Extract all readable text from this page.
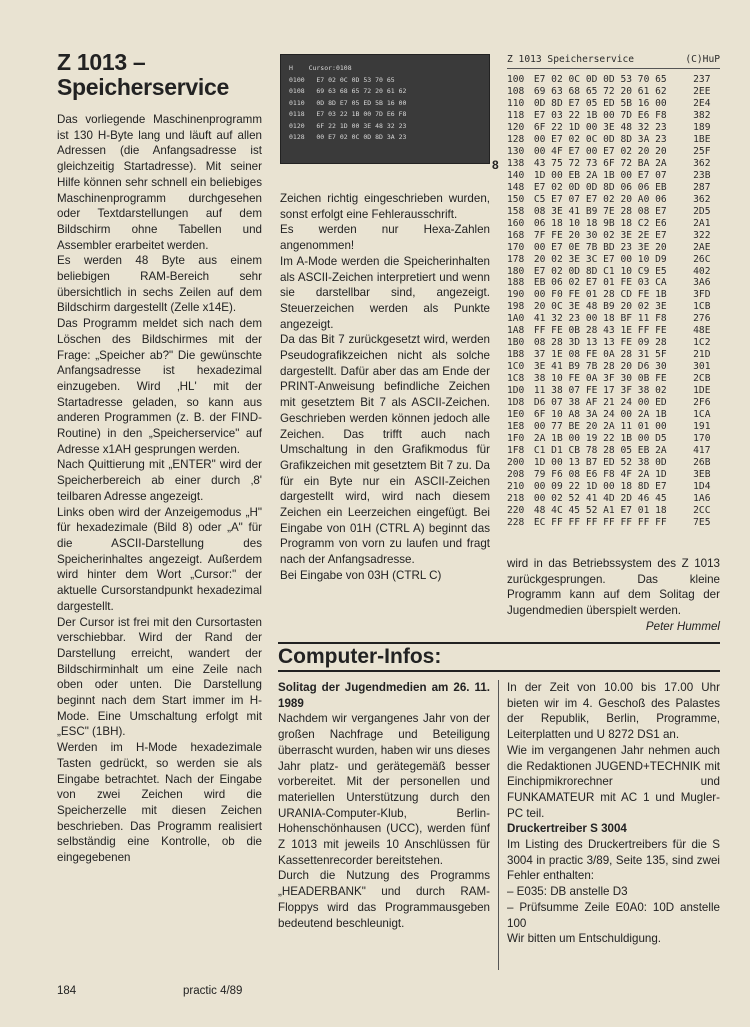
Z 1013 –
Speicherservice

Das vorliegende Maschinenprogramm ist 130 H-Byte lang und läuft auf allen Adressen (die Anfangsadresse ist gleichzeitig Startadresse). Mit seiner Hilfe können sehr schnell ein beliebiges Maschinenprogramm durchgesehen oder Textdarstellungen auf dem Bildschirm ohne Tabellen und Assembler erarbeitet werden.

Es werden 48 Byte aus einem beliebigen RAM-Bereich sehr übersichtlich in sechs Zeilen auf dem Bildschirm dargestellt (Zelle x14E).

Das Programm meldet sich nach dem Löschen des Bildschirmes mit der Frage: „Speicher ab?" Die gewünschte Anfangsadresse ist hexadezimal einzugeben. Wird ‚HL' mit der Startadresse geladen, so kann aus anderen Programmen (z. B. der FIND-Routine) in den „Speicherservice" auf Adresse x1AH gesprungen werden.

Nach Quittierung mit „ENTER" wird der Speicherbereich ab einer durch ‚8' teilbaren Adresse angezeigt.

Links oben wird der Anzeigemodus „H" für hexadezimale (Bild 8) oder „A" für die ASCII-Darstellung des Speicherinhaltes angezeigt. Außerdem wird hinter dem Wort „Cursor:" der aktuelle Cursorstandpunkt hexadezimal dargestellt.

Der Cursor ist frei mit den Cursortasten verschiebbar. Wird der Rand der Darstellung erreicht, wandert der Bildschirminhalt um eine Zeile nach oben oder unten. Die Darstellung beginnt nach dem Start immer im H-Mode. Eine Umschaltung erfolgt mit „ESC" (1BH).

Werden im H-Mode hexadezimale Tasten gedrückt, so werden sie als Eingabe betrachtet. Nach der Eingabe von zwei Zeichen wird die Speicherzelle mit diesen Zeichen beschrieben. Das Programm realisiert selbständig eine Kontrolle, ob die eingegebenen

H    Cursor:0108
0100   E7 02 0C 0D 53 70 65
0108   69 63 68 65 72 20 61 62
0110   0D 8D E7 05 ED 5B 16 00
0118   E7 03 22 1B 00 7D E6 F8
0120   6F 22 1D 00 3E 48 32 23
0128   00 E7 02 0C 0D 8D 3A 23
8

Zeichen richtig eingeschrieben wurden, sonst erfolgt eine Fehlerausschrift.

Es werden nur Hexa-Zahlen angenommen!

Im A-Mode werden die Speicherinhalten als ASCII-Zeichen interpretiert und wenn sie darstellbar sind, angezeigt. Steuerzeichen werden als Punkte angezeigt.

Da das Bit 7 zurückgesetzt wird, werden Pseudografikzeichen nicht als solche dargestellt. Dafür aber das am Ende der PRINT-Anweisung befindliche Zeichen mit gesetztem Bit 7 als ASCII-Zeichen. Geschrieben werden können jedoch alle Zeichen. Das trifft auch nach Umschaltung in den Grafikmodus für Grafikzeichen mit gesetztem Bit 7 zu. Da für ein Byte nur ein ASCII-Zeichen dargestellt wird, wird nach diesem Zeichen ein Leerzeichen eingefügt. Bei Eingabe von 01H (CTRL A) beginnt das Programm von vorn zu laufen und fragt nach der Anfangsadresse.

Bei Eingabe von 03H (CTRL C)

Z 1013 Speicherservice	(C)HuP
100 E7 02 0C 0D 0D 53 70 65	237
108 69 63 68 65 72 20 61 62	2EE
110 0D 8D E7 05 ED 5B 16 00	2E4
118 E7 03 22 1B 00 7D E6 F8	382
120 6F 22 1D 00 3E 48 32 23	189
128 00 E7 02 0C 0D 8D 3A 23	1BE
130 00 4F E7 00 E7 02 20 20	25F
138 43 75 72 73 6F 72 BA 2A	362
140 1D 00 EB 2A 1B 00 E7 07	23B
148 E7 02 0D 0D 8D 06 06 EB	287
150 C5 E7 07 E7 02 20 A0 06	362
158 08 3E 41 B9 7E 28 08 E7	2D5
160 06 18 10 18 9B 18 C2 E6	2A1
168 7F FE 20 30 02 3E 2E E7	322
170 00 E7 0E 7B BD 23 3E 20	2AE
178 20 02 3E 3C E7 00 10 D9	26C
180 E7 02 0D 8D C1 10 C9 E5	402
188 EB 06 02 E7 01 FE 03 CA	3A6
190 00 F0 FE 01 28 CD FE 1B	3FD
198 20 0C 3E 48 B9 20 02 3E	1CB
1A0 41 32 23 00 18 BF 11 F8	276
1A8 FF FE 0B 28 43 1E FF FE	48E
1B0 08 28 3D 13 13 FE 09 28	1C2
1B8 37 1E 08 FE 0A 28 31 5F	21D
1C0 3E 41 B9 7B 28 20 D6 30	301
1C8 38 10 FE 0A 3F 30 0B FE	2CB
1D0 11 38 07 FE 17 3F 38 02	1DE
1D8 D6 07 38 AF 21 24 00 ED	2F6
1E0 6F 10 A8 3A 24 00 2A 1B	1CA
1E8 00 77 BE 20 2A 11 01 00	191
1F0 2A 1B 00 19 22 1B 00 D5	170
1F8 C1 D1 CB 78 28 05 EB 2A	417
200 1D 00 13 B7 ED 52 38 0D	26B
208 79 F6 08 E6 F8 4F 2A 1D	3EB
210 00 09 22 1D 00 18 8D E7	1D4
218 00 02 52 41 4D 2D 46 45	1A6
220 48 4C 45 52 A1 E7 01 18	2CC
228 EC FF FF FF FF FF FF FF	7E5

wird in das Betriebssystem des Z 1013 zurückgesprungen. Das kleine Programm kann auf dem Solitag der Jugendmedien überspielt werden.

Peter Hummel

Computer-Infos:

Solitag der Jugendmedien am 26. 11. 1989

Nachdem wir vergangenes Jahr von der großen Nachfrage und Beteiligung überrascht wurden, haben wir uns dieses Jahr platz- und gerätegemäß besser vorbereitet. Mit der personellen und materiellen Unterstützung durch den URANIA-Computer-Klub, Berlin-Hohenschönhausen (UCC), werden fünf Z 1013 mit jeweils 10 Anschlüssen für Kassettenrecorder bereitstehen.

Durch die Nutzung des Programms „HEADERBANK" und durch RAM-Floppys wird das Programmausgeben bedeutend beschleunigt.

In der Zeit von 10.00 bis 17.00 Uhr bieten wir im 4. Geschoß des Palastes der Republik, Berlin, Programme, Leiterplatten und U 8272 DS1 an.

Wie im vergangenen Jahr nehmen auch die Redaktionen JUGEND+TECHNIK mit Einchipmikrorechner und FUNKAMATEUR mit AC 1 und Mugler-PC teil.

Druckertreiber S 3004

Im Listing des Druckertreibers für die S 3004 in practic 3/89, Seite 135, sind zwei Fehler enthalten:

– E035: DB anstelle D3

– Prüfsumme Zeile E0A0: 10D anstelle 100

Wir bitten um Entschuldigung.

184	practic 4/89
